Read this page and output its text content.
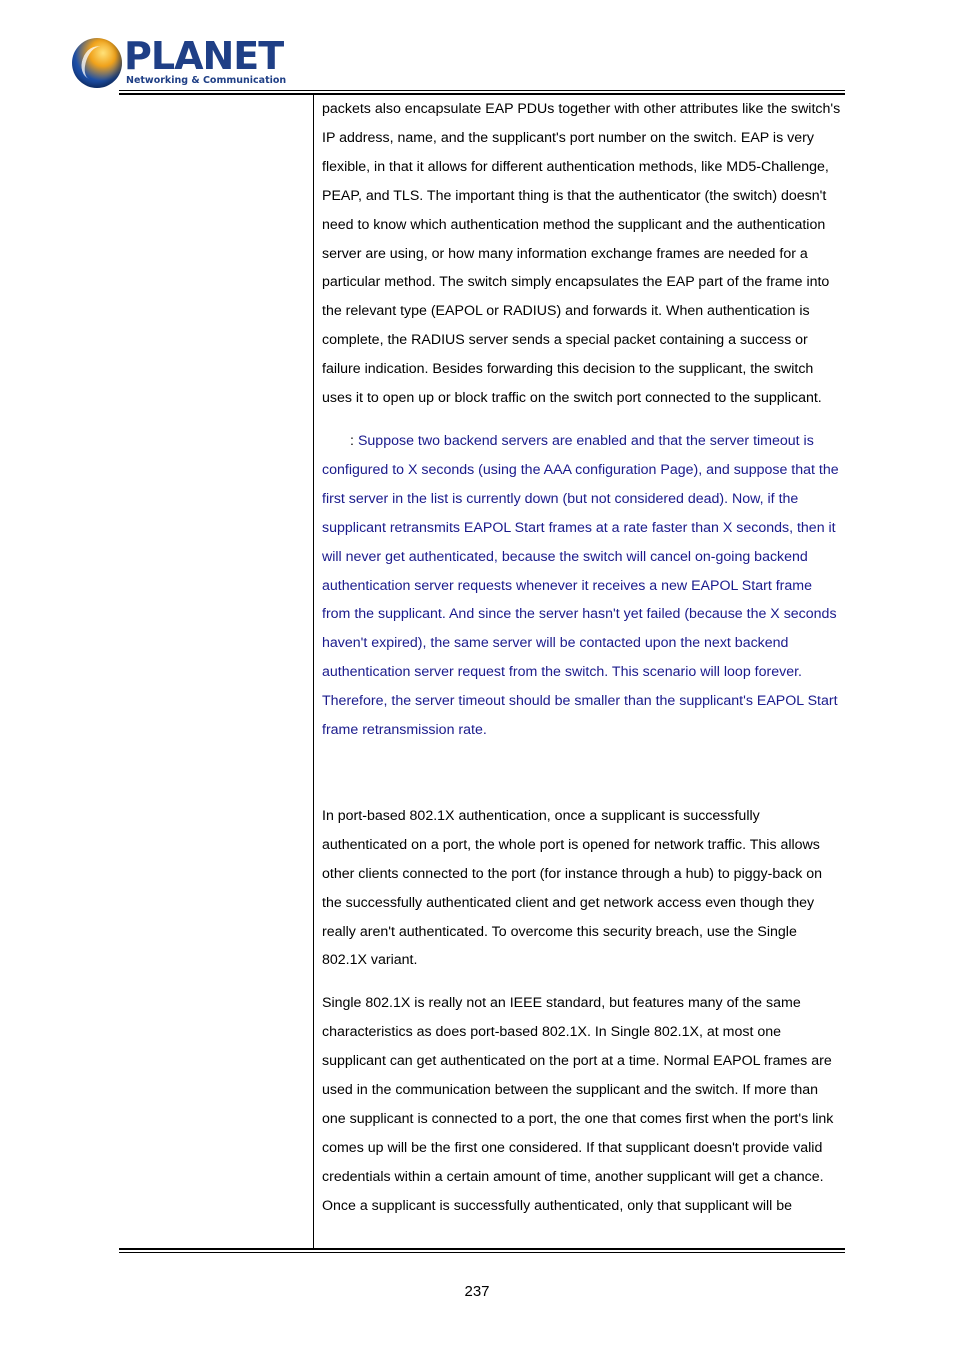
PLANET
Networking & Communication

packets also encapsulate EAP PDUs together with other attributes like the switch's IP address, name, and the supplicant's port number on the switch. EAP is very flexible, in that it allows for different authentication methods, like MD5-Challenge, PEAP, and TLS. The important thing is that the authenticator (the switch) doesn't need to know which authentication method the supplicant and the authentication server are using, or how many information exchange frames are needed for a particular method. The switch simply encapsulates the EAP part of the frame into the relevant type (EAPOL or RADIUS) and forwards it. When authentication is complete, the RADIUS server sends a special packet containing a success or failure indication. Besides forwarding this decision to the supplicant, the switch uses it to open up or block traffic on the switch port connected to the supplicant.

: Suppose two backend servers are enabled and that the server timeout is configured to X seconds (using the AAA configuration Page), and suppose that the first server in the list is currently down (but not considered dead). Now, if the supplicant retransmits EAPOL Start frames at a rate faster than X seconds, then it will never get authenticated, because the switch will cancel on-going backend authentication server requests whenever it receives a new EAPOL Start frame from the supplicant. And since the server hasn't yet failed (because the X seconds haven't expired), the same server will be contacted upon the next backend authentication server request from the switch. This scenario will loop forever. Therefore, the server timeout should be smaller than the supplicant's EAPOL Start frame retransmission rate.

In port-based 802.1X authentication, once a supplicant is successfully authenticated on a port, the whole port is opened for network traffic. This allows other clients connected to the port (for instance through a hub) to piggy-back on the successfully authenticated client and get network access even though they really aren't authenticated. To overcome this security breach, use the Single 802.1X variant.

Single 802.1X is really not an IEEE standard, but features many of the same characteristics as does port-based 802.1X. In Single 802.1X, at most one supplicant can get authenticated on the port at a time. Normal EAPOL frames are used in the communication between the supplicant and the switch. If more than one supplicant is connected to a port, the one that comes first when the port's link comes up will be the first one considered. If that supplicant doesn't provide valid credentials within a certain amount of time, another supplicant will get a chance. Once a supplicant is successfully authenticated, only that supplicant will be

237
